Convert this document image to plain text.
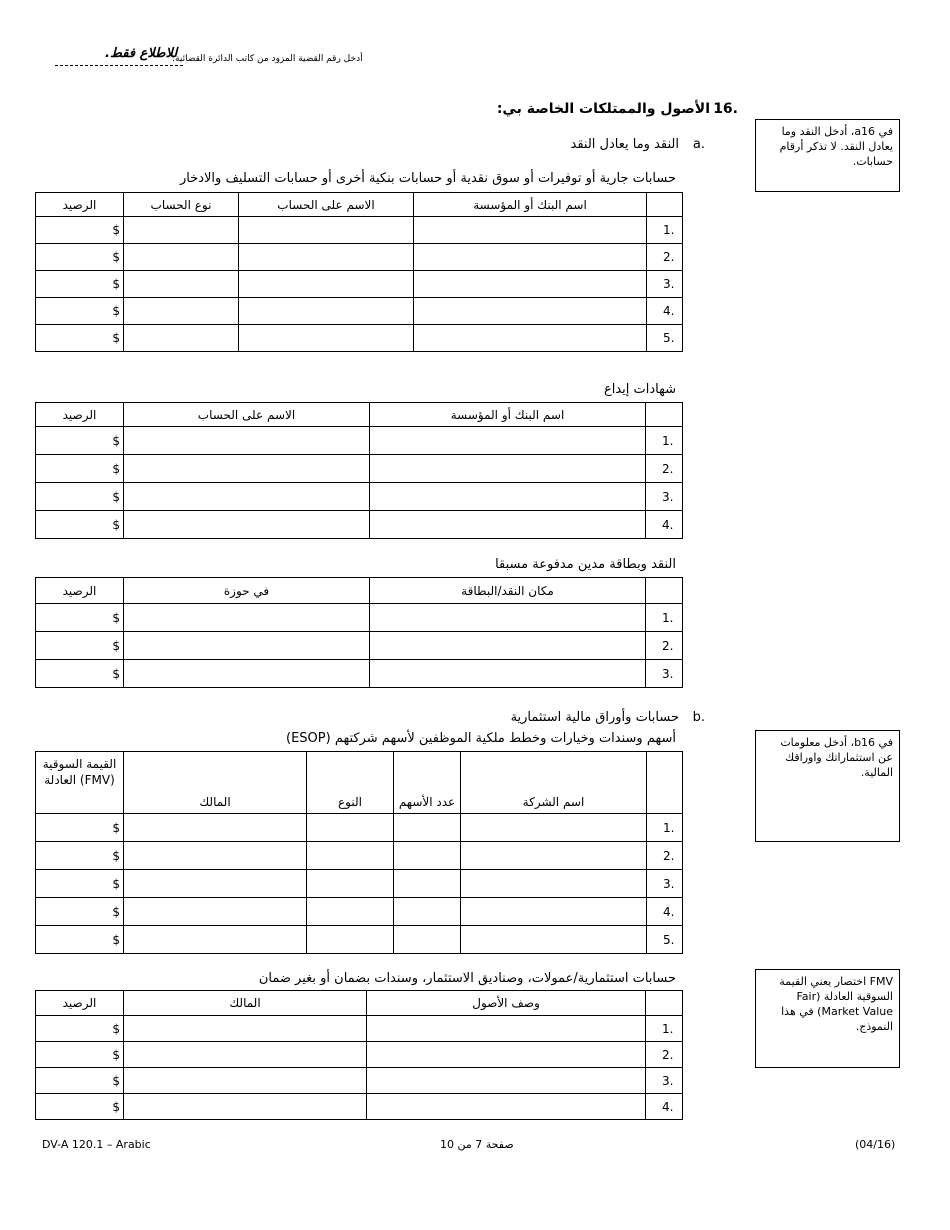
أدخل رقم القضية المزود من كاتب الدائرة القضائية:
للاطلاع فقط.
16.
الأصول والممتلكات الخاصة بي:
a.
النقد وما يعادل النقد
في a16، أدخل النقد وما يعادل النقد. لا تذكر أرقام حسابات.
حسابات جارية أو توفيرات أو سوق نقدية أو حسابات بنكية أخرى أو حسابات التسليف والادخار
الرصيد	نوع الحساب	الاسم على الحساب	اسم البنك أو المؤسسة	
$				1.
$				2.
$				3.
$				4.
$				5.
شهادات إيداع
الرصيد	الاسم على الحساب	اسم البنك أو المؤسسة	
$			1.
$			2.
$			3.
$			4.
النقد وبطاقة مدين مدفوعة مسبقا
الرصيد	في حوزة	مكان النقد/البطاقة	
$			1.
$			2.
$			3.
b.
حسابات وأوراق مالية استثمارية
في b16، أدخل معلومات عن استثماراتك واوراقك المالية.
أسهم وسندات وخيارات وخطط ملكية الموظفين لأسهم شركتهم (ESOP)
القيمة السوقية العادلة (FMV)	المالك	النوع	عدد الأسهم	اسم الشركة	
$					1.
$					2.
$					3.
$					4.
$					5.
FMV اختصار يعني القيمة السوقية العادلة (Fair Market Value) في هذا النموذج.
حسابات استثمارية/عمولات، وصناديق الاستثمار، وسندات بضمان أو بغير ضمان
الرصيد	المالك	وصف الأصول	
$			1.
$			2.
$			3.
$			4.
DV-A 120.1 – Arabic	صفحة 7 من 10	(04/16)
